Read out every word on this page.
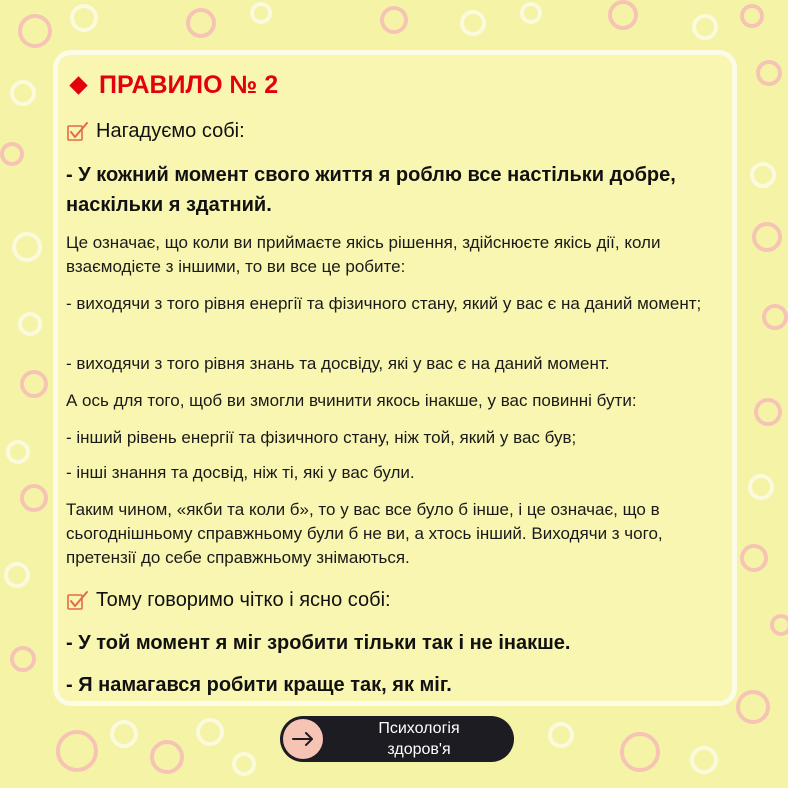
ПРАВИЛО № 2
Нагадуємо собі:
- У кожний момент свого життя я роблю все настільки добре, наскільки я здатний.
Це означає, що коли ви приймаєте якісь рішення, здійснюєте якісь дії, коли взаємодієте з іншими, то ви все це робите:
- виходячи з того рівня енергії та фізичного стану, який у вас є на даний момент;
- виходячи з того рівня знань та досвіду, які у вас є на даний момент.
А ось для того, щоб ви змогли вчинити якось інакше, у вас повинні бути:
- інший рівень енергії та фізичного стану, ніж той, який у вас був;
- інші знання та досвід, ніж ті, які у вас були.
Таким чином, «якби та коли б», то у вас все було б інше, і це означає, що в сьогоднішньому справжньому були б не ви, а хтось інший. Виходячи з чого, претензії до себе справжньому знімаються.
Тому говоримо чітко і ясно собі:
- У той момент я міг зробити тільки так і не інакше.
- Я намагався робити краще так, як міг.
Психологія
здоров'я
